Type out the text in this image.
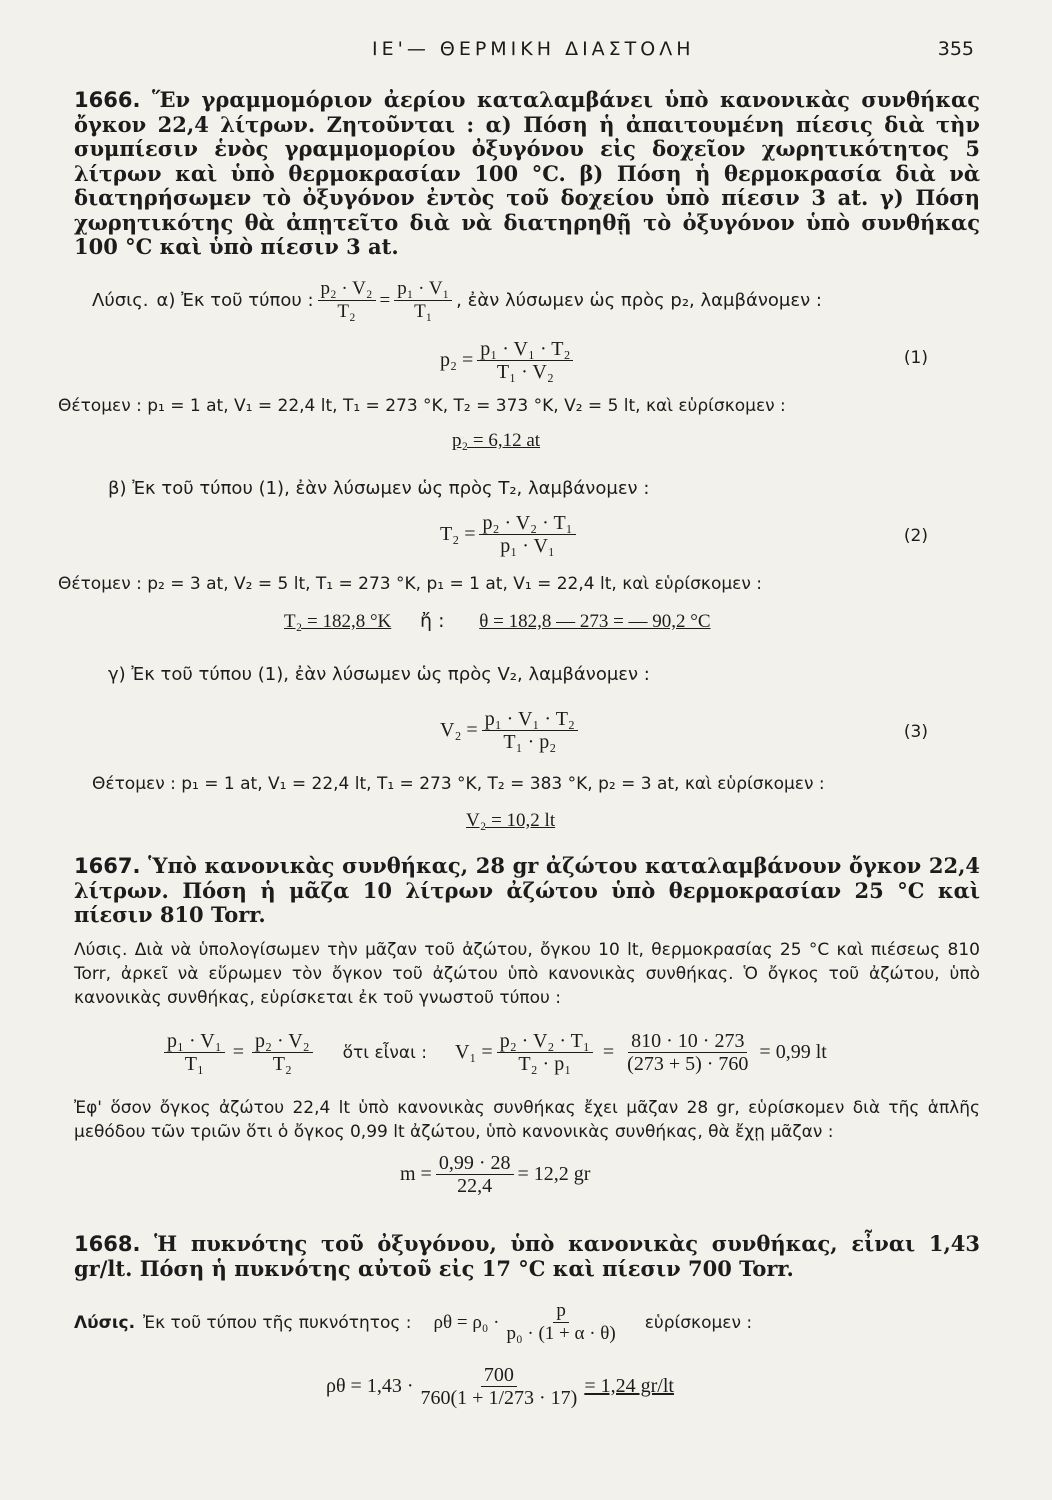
ΙΕ'— ΘΕΡΜΙΚΗ ΔΙΑΣΤΟΛΗ	355
1666. Ἕν γραμμομόριον ἀερίου καταλαμβάνει ὑπὸ κανονικὰς συνθήκας ὄγκον 22,4 λίτρων. Ζητοῦνται : α) Πόση ἡ ἀπαιτουμένη πίεσις διὰ τὴν συμπίεσιν ἑνὸς γραμμομορίου ὀξυγόνου εἰς δοχεῖον χωρητικότητος 5 λίτρων καὶ ὑπὸ θερμοκρασίαν 100 °C. β) Πόση ἡ θερμοκρασία διὰ νὰ διατηρήσωμεν τὸ ὀξυγόνον ἐντὸς τοῦ δοχείου ὑπὸ πίεσιν 3 at. γ) Πόση χωρητικότης θὰ ἀπῃτεῖτο διὰ νὰ διατηρηθῇ τὸ ὀξυγόνον ὑπὸ συνθήκας 100 °C καὶ ὑπὸ πίεσιν 3 at.
Λύσις. α) Ἐκ τοῦ τύπου : $\frac{\text{p₂ · V₂}}{\text{T₂}} = \frac{\text{p₁ · V₁}}{\text{T₁}}$ , ἐὰν λύσωμεν ὡς πρὸς p₂, λαμβάνομεν :
$p_2 = \frac{\text{p₁ · V₁ · T₂}}{\text{T₁ · V₂}}$	(1)
Θέτομεν : p₁ = 1 at, V₁ = 22,4 lt, T₁ = 273 °K, T₂ = 373 °K, V₂ = 5 lt, καὶ εὑρίσκομεν :
p₂ = 6,12 at
β) Ἐκ τοῦ τύπου (1), ἐὰν λύσωμεν ὡς πρὸς T₂, λαμβάνομεν :
$T_2 = \frac{\text{p₂ · V₂ · T₁}}{\text{p₁ · V₁}}$	(2)
Θέτομεν : p₂ = 3 at, V₂ = 5 lt, T₁ = 273 °K, p₁ = 1 at, V₁ = 22,4 lt, καὶ εὑρίσκομεν :
T₂ = 182,8 °K ἤ : θ = 182,8 — 273 = — 90,2 °C
γ) Ἐκ τοῦ τύπου (1), ἐὰν λύσωμεν ὡς πρὸς V₂, λαμβάνομεν :
$V_2 = \frac{\text{p₁ · V₁ · T₂}}{\text{T₁ · p₂}}$	(3)
Θέτομεν : p₁ = 1 at, V₁ = 22,4 lt, T₁ = 273 °K, T₂ = 383 °K, p₂ = 3 at, καὶ εὑρίσκομεν :
V₂ = 10,2 lt
1667. Ὑπὸ κανονικὰς συνθήκας, 28 gr ἀζώτου καταλαμβάνουν ὄγκον 22,4 λίτρων. Πόση ἡ μᾶζα 10 λίτρων ἀζώτου ὑπὸ θερμοκρασίαν 25 °C καὶ πίεσιν 810 Torr.
Λύσις. Διὰ νὰ ὑπολογίσωμεν τὴν μᾶζαν τοῦ ἀζώτου, ὄγκου 10 lt, θερμοκρασίας 25 °C καὶ πιέσεως 810 Torr, ἀρκεῖ νὰ εὕρωμεν τὸν ὄγκον τοῦ ἀζώτου ὑπὸ κανονικὰς συνθήκας. Ὁ ὄγκος τοῦ ἀζώτου, ὑπὸ κανονικὰς συνθήκας, εὑρίσκεται ἐκ τοῦ γνωστοῦ τύπου :
$\frac{\text{p₁ · V₁}}{\text{T₁}} = \frac{\text{p₂ · V₂}}{\text{T₂}}$ ὅτι εἶναι : $V_1 = \frac{\text{p₂ · V₂ · T₁}}{\text{T₂ · p₁}} = \frac{810 \cdot 10 \cdot 273}{(273 + 5) \cdot 760} = 0,99$ lt
Ἐφ' ὅσον ὄγκος ἀζώτου 22,4 lt ὑπὸ κανονικὰς συνθήκας ἔχει μᾶζαν 28 gr, εὑρίσκομεν διὰ τῆς ἁπλῆς μεθόδου τῶν τριῶν ὅτι ὁ ὄγκος 0,99 lt ἀζώτου, ὑπὸ κανονικὰς συνθήκας, θὰ ἔχῃ μᾶζαν :
$m = \frac{0,99 \cdot 28}{22,4} = 12,2$ gr
1668. Ἡ πυκνότης τοῦ ὀξυγόνου, ὑπὸ κανονικὰς συνθήκας, εἶναι 1,43 gr/lt. Πόση ἡ πυκνότης αὐτοῦ εἰς 17 °C καὶ πίεσιν 700 Torr.
Λύσις. Ἐκ τοῦ τύπου τῆς πυκνότητος : $\rho\theta = \rho_0 \cdot \frac{p}{\text{p₀ · (1 + α · θ)}}$ εὑρίσκομεν :
$\rho\theta = 1,43 \cdot \frac{700}{760(1 + 1/273 \cdot 17)} = 1,24$ gr/lt
